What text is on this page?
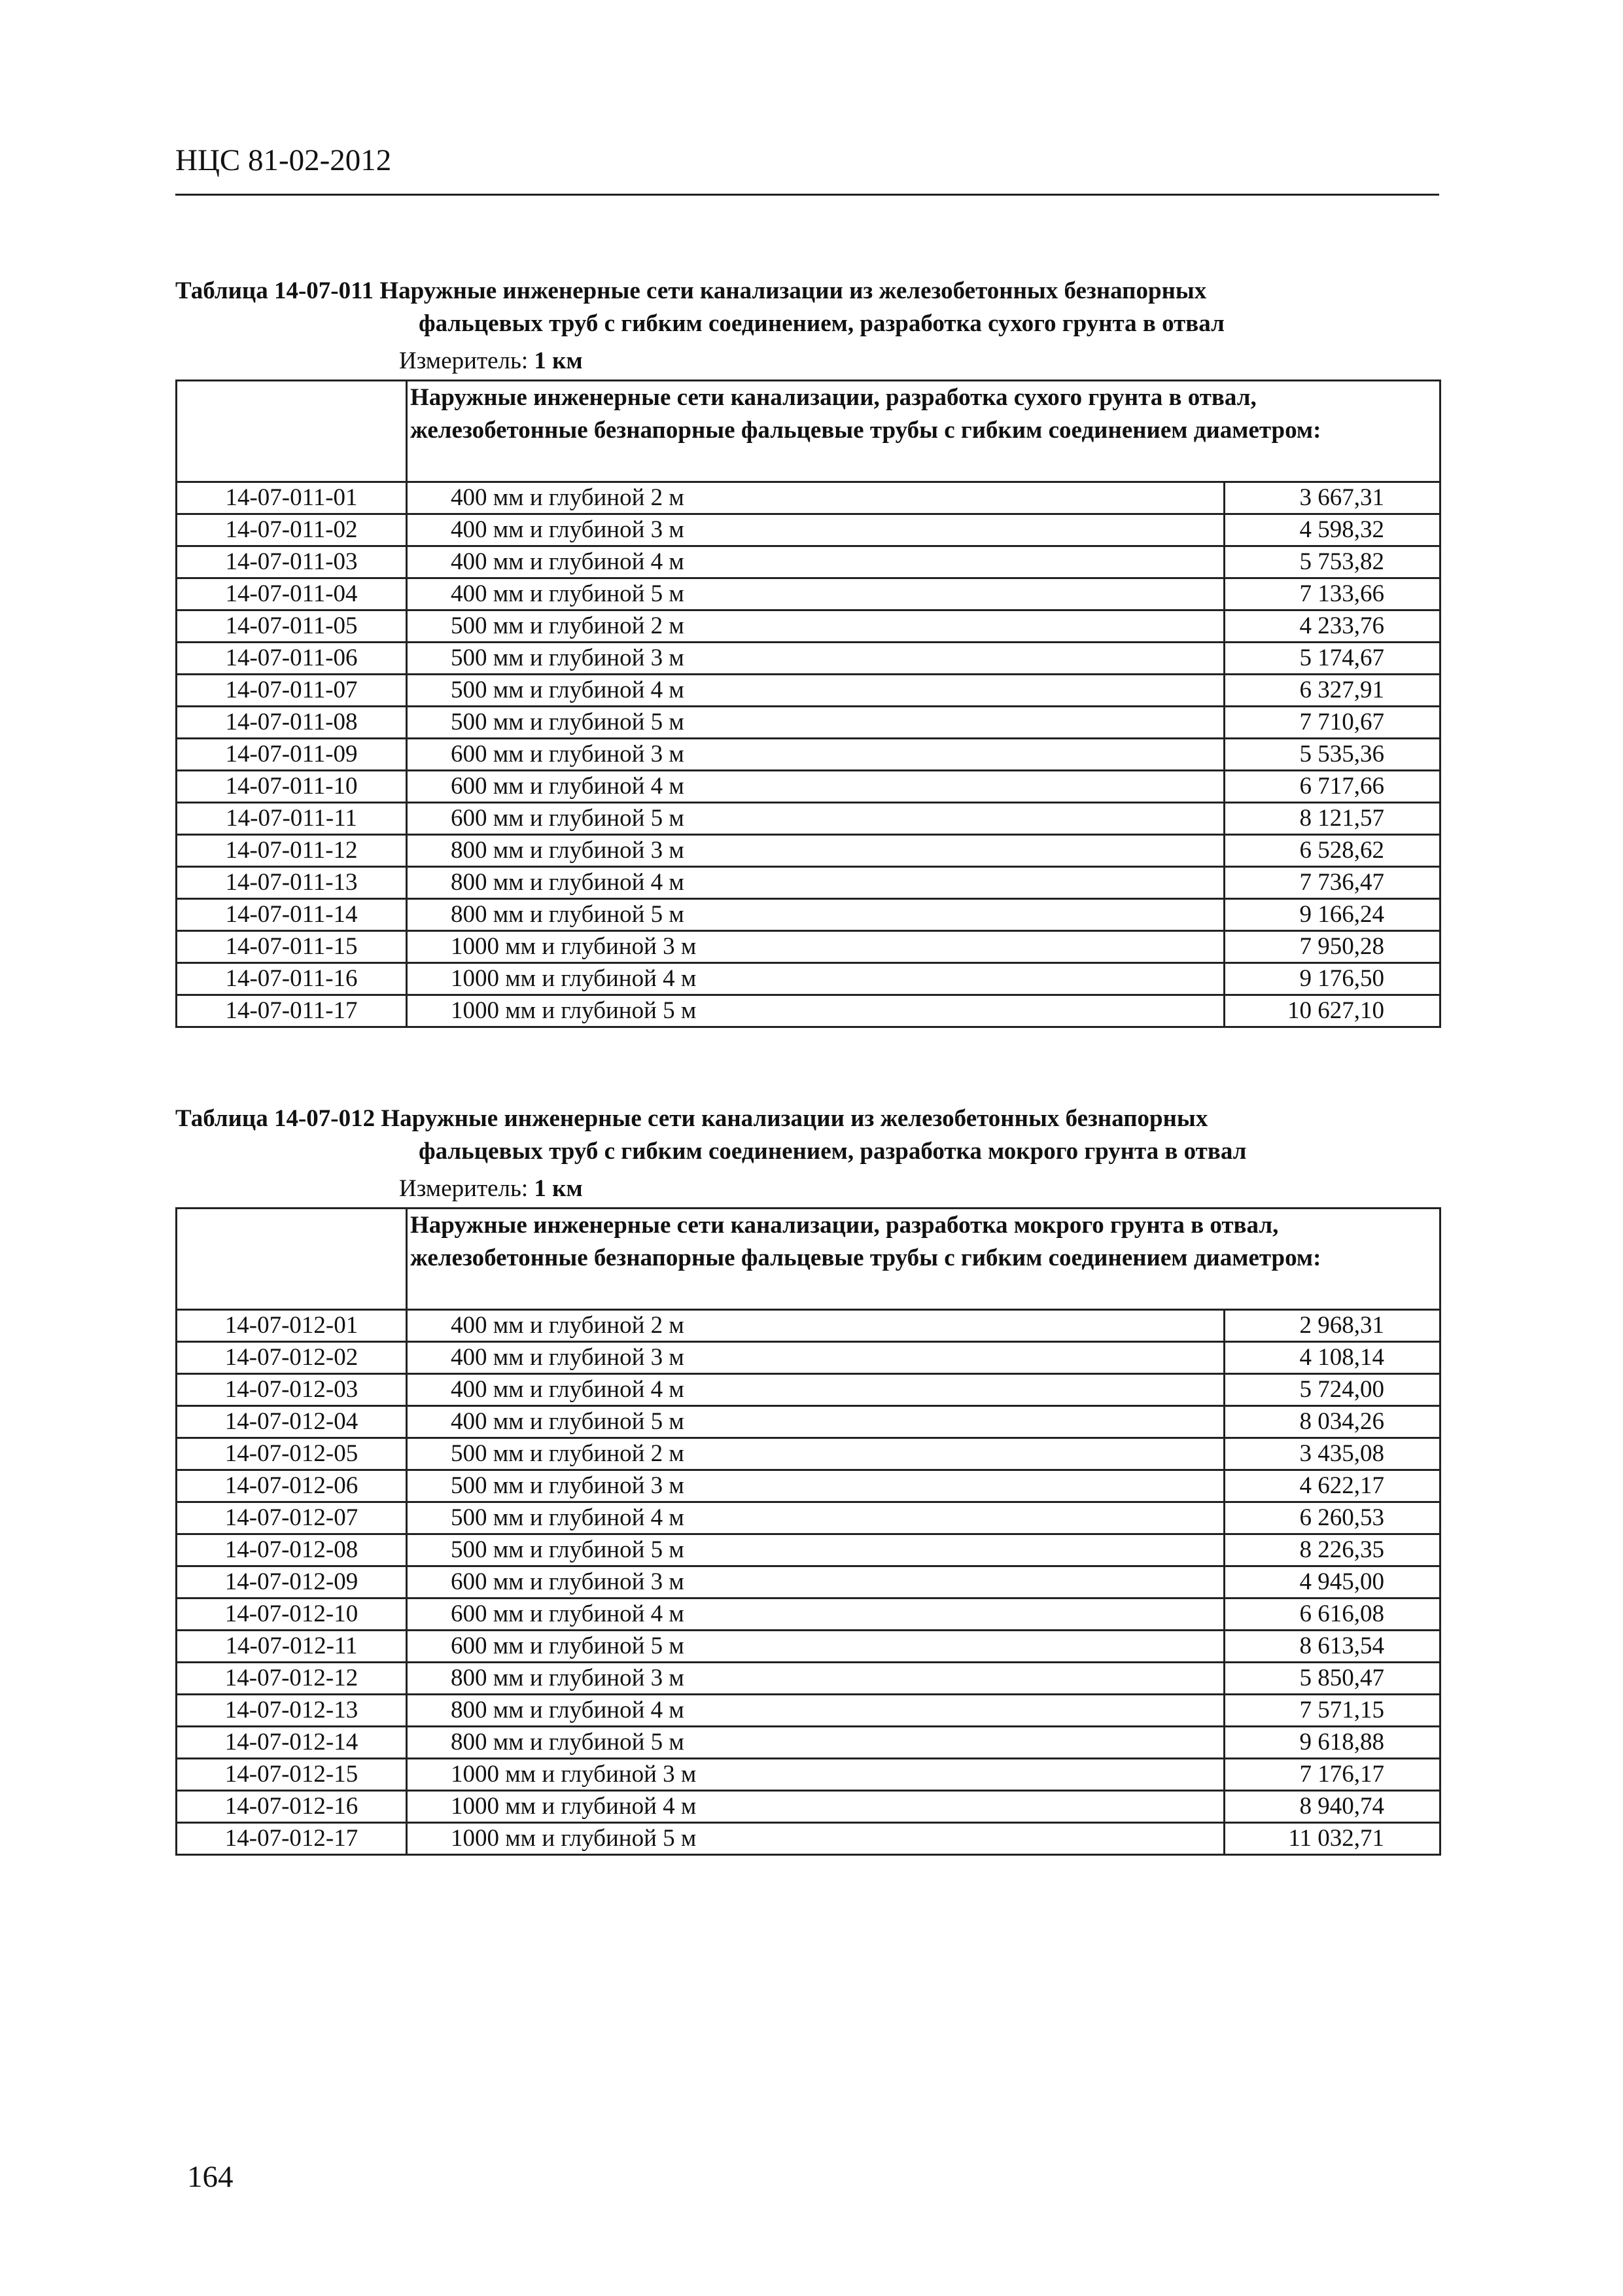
НЦС 81-02-2012
Таблица 14-07-011 Наружные инженерные сети канализации из железобетонных безнапорных
фальцевых труб с гибким соединением, разработка сухого грунта в отвал
Измеритель: 1 км
	Наружные инженерные сети канализации, разработка сухого грунта в отвал, железобетонные безнапорные фальцевые трубы с гибким соединением диаметром:	
14-07-011-01	400 мм и глубиной 2 м	3 667,31
14-07-011-02	400 мм и глубиной 3 м	4 598,32
14-07-011-03	400 мм и глубиной 4 м	5 753,82
14-07-011-04	400 мм и глубиной 5 м	7 133,66
14-07-011-05	500 мм и глубиной 2 м	4 233,76
14-07-011-06	500 мм и глубиной 3 м	5 174,67
14-07-011-07	500 мм и глубиной 4 м	6 327,91
14-07-011-08	500 мм и глубиной 5 м	7 710,67
14-07-011-09	600 мм и глубиной 3 м	5 535,36
14-07-011-10	600 мм и глубиной 4 м	6 717,66
14-07-011-11	600 мм и глубиной 5 м	8 121,57
14-07-011-12	800 мм и глубиной 3 м	6 528,62
14-07-011-13	800 мм и глубиной 4 м	7 736,47
14-07-011-14	800 мм и глубиной 5 м	9 166,24
14-07-011-15	1000 мм и глубиной 3 м	7 950,28
14-07-011-16	1000 мм и глубиной 4 м	9 176,50
14-07-011-17	1000 мм и глубиной 5 м	10 627,10
Таблица 14-07-012 Наружные инженерные сети канализации из железобетонных безнапорных
фальцевых труб с гибким соединением, разработка мокрого грунта в отвал
Измеритель: 1 км
	Наружные инженерные сети канализации, разработка мокрого грунта в отвал, железобетонные безнапорные фальцевые трубы с гибким соединением диаметром:	
14-07-012-01	400 мм и глубиной 2 м	2 968,31
14-07-012-02	400 мм и глубиной 3 м	4 108,14
14-07-012-03	400 мм и глубиной 4 м	5 724,00
14-07-012-04	400 мм и глубиной 5 м	8 034,26
14-07-012-05	500 мм и глубиной 2 м	3 435,08
14-07-012-06	500 мм и глубиной 3 м	4 622,17
14-07-012-07	500 мм и глубиной 4 м	6 260,53
14-07-012-08	500 мм и глубиной 5 м	8 226,35
14-07-012-09	600 мм и глубиной 3 м	4 945,00
14-07-012-10	600 мм и глубиной 4 м	6 616,08
14-07-012-11	600 мм и глубиной 5 м	8 613,54
14-07-012-12	800 мм и глубиной 3 м	5 850,47
14-07-012-13	800 мм и глубиной 4 м	7 571,15
14-07-012-14	800 мм и глубиной 5 м	9 618,88
14-07-012-15	1000 мм и глубиной 3 м	7 176,17
14-07-012-16	1000 мм и глубиной 4 м	8 940,74
14-07-012-17	1000 мм и глубиной 5 м	11 032,71
164
